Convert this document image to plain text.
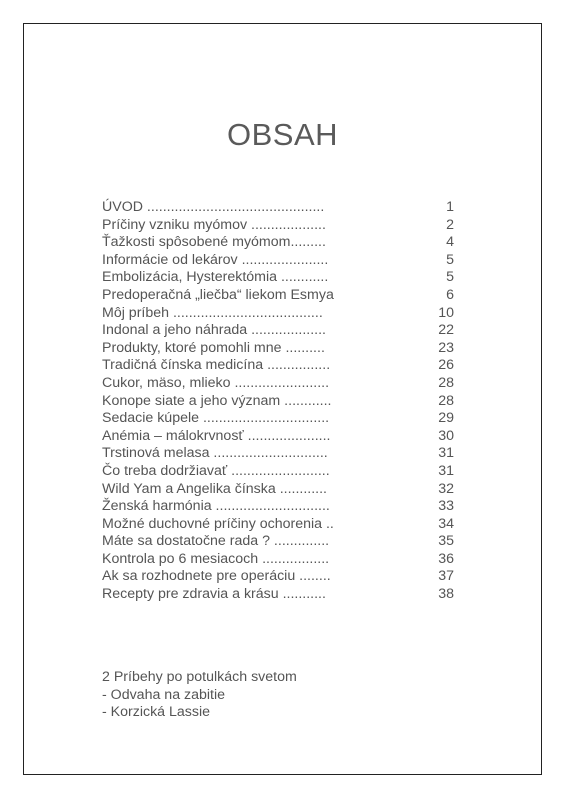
OBSAH
ÚVOD .............................................	1
Príčiny vzniku myómov ...................	2
Ťažkosti spôsobené myómom.........	4
Informácie od lekárov ......................	5
Embolizácia, Hysterektómia ............	5
Predoperačná „liečba“ liekom Esmya	6
Môj príbeh ......................................	10
Indonal a jeho náhrada ...................	22
Produkty, ktoré pomohli mne ..........	23
Tradičná čínska medicína ................	26
Cukor, mäso, mlieko ........................	28
Konope siate a jeho význam ............	28
Sedacie kúpele ................................	29
Anémia – málokrvnosť .....................	30
Trstinová melasa .............................	31
Čo treba dodržiavať .........................	31
Wild Yam a Angelika čínska ............	32
Ženská harmónia .............................	33
Možné duchovné príčiny ochorenia ..	34
Máte sa dostatočne rada ? ..............	35
Kontrola po 6 mesiacoch .................	36
Ak sa rozhodnete pre operáciu ........	37
Recepty pre zdravia a krásu ...........	38
2 Príbehy po potulkách svetom
- Odvaha na zabitie
- Korzická Lassie
